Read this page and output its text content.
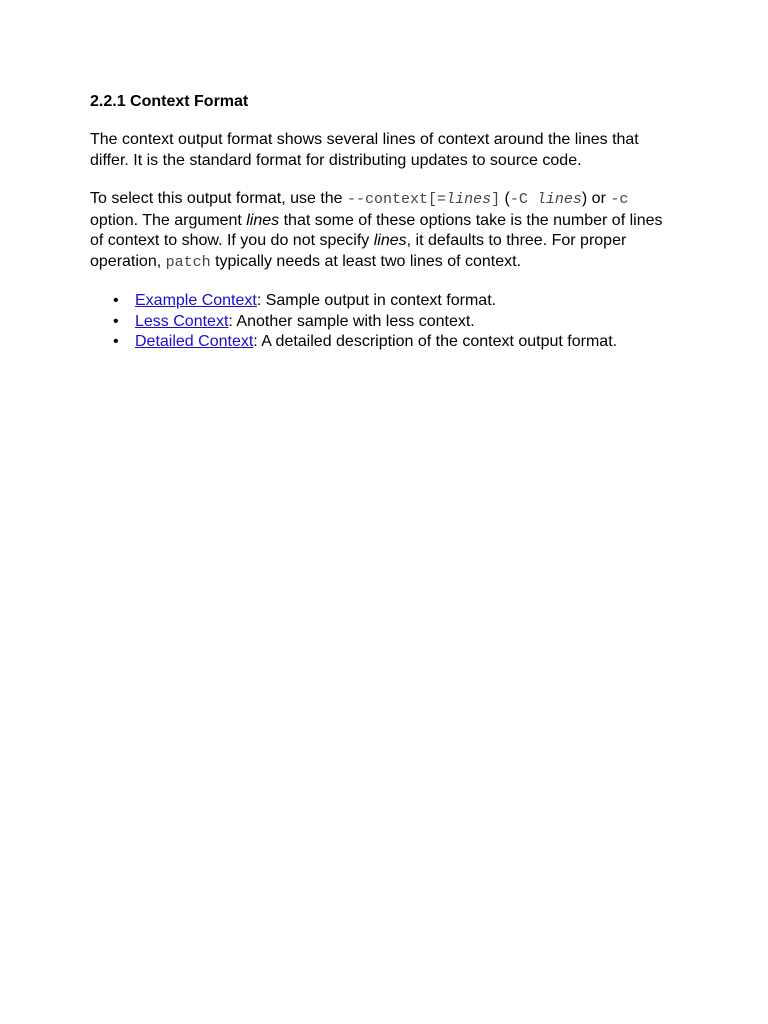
2.2.1 Context Format

The context output format shows several lines of context around the lines that differ. It is the standard format for distributing updates to source code.

To select this output format, use the --context[=lines] (-C lines) or -c option. The argument lines that some of these options take is the number of lines of context to show. If you do not specify lines, it defaults to three. For proper operation, patch typically needs at least two lines of context.

• Example Context: Sample output in context format.
• Less Context: Another sample with less context.
• Detailed Context: A detailed description of the context output format.
